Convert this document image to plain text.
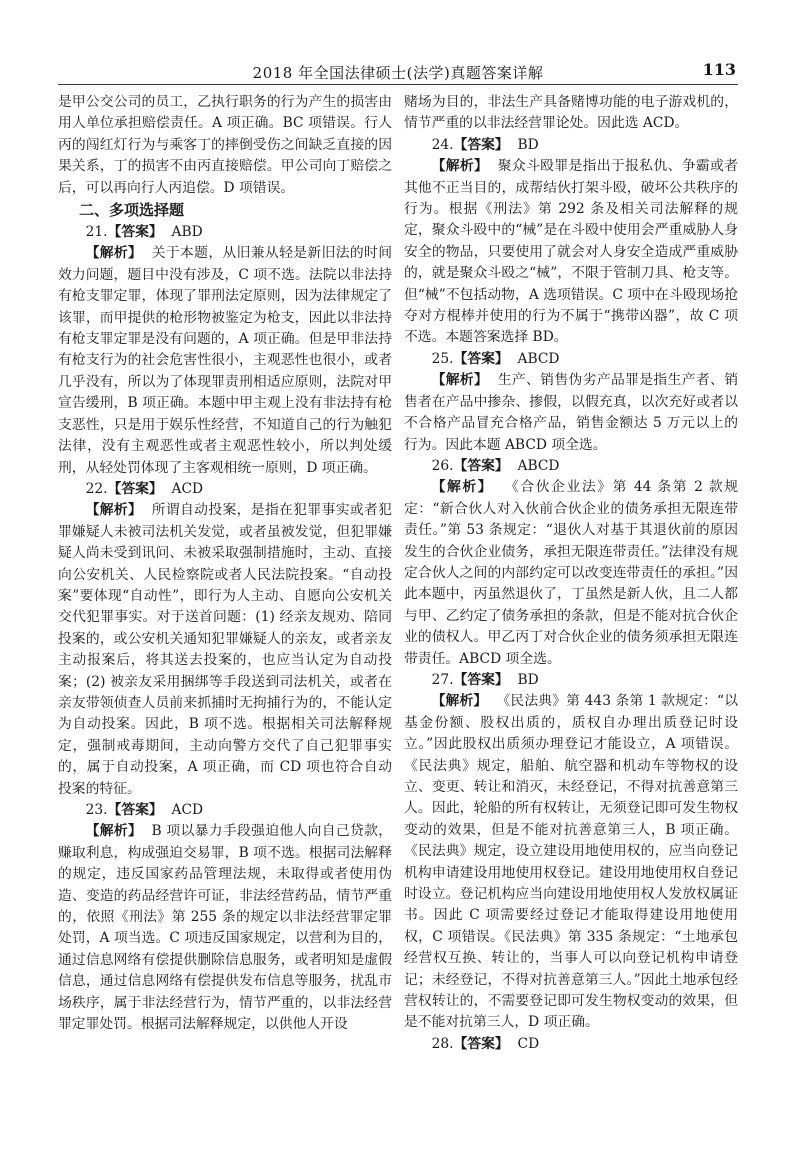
2018 年全国法律硕士(法学)真题答案详解	113

是甲公交公司的员工，乙执行职务的行为产生的损害由用人单位承担赔偿责任。A 项正确。BC 项错误。行人丙的闯红灯行为与乘客丁的摔倒受伤之间缺乏直接的因果关系，丁的损害不由丙直接赔偿。甲公司向丁赔偿之后，可以再向行人丙追偿。D 项错误。

二、多项选择题

21.【答案】 ABD

【解析】 关于本题，从旧兼从轻是新旧法的时间效力问题，题目中没有涉及，C 项不选。法院以非法持有枪支罪定罪，体现了罪刑法定原则，因为法律规定了该罪，而甲提供的枪形物被鉴定为枪支，因此以非法持有枪支罪定罪是没有问题的，A 项正确。但是甲非法持有枪支行为的社会危害性很小，主观恶性也很小，或者几乎没有，所以为了体现罪责刑相适应原则，法院对甲宣告缓刑，B 项正确。本题中甲主观上没有非法持有枪支恶性，只是用于娱乐性经营，不知道自己的行为触犯法律，没有主观恶性或者主观恶性较小，所以判处缓刑，从轻处罚体现了主客观相统一原则，D 项正确。

22.【答案】 ACD

【解析】 所谓自动投案，是指在犯罪事实或者犯罪嫌疑人未被司法机关发觉，或者虽被发觉，但犯罪嫌疑人尚未受到讯问、未被采取强制措施时，主动、直接向公安机关、人民检察院或者人民法院投案。“自动投案”要体现“自动性”，即行为人主动、自愿向公安机关交代犯罪事实。对于送首问题：(1) 经亲友规劝、陪同投案的，或公安机关通知犯罪嫌疑人的亲友，或者亲友主动报案后，将其送去投案的，也应当认定为自动投案；(2) 被亲友采用捆绑等手段送到司法机关，或者在亲友带领侦查人员前来抓捕时无拘捕行为的，不能认定为自动投案。因此，B 项不选。根据相关司法解释规定，强制戒毒期间，主动向警方交代了自己犯罪事实的，属于自动投案，A 项正确，而 CD 项也符合自动投案的特征。

23.【答案】 ACD

【解析】 B 项以暴力手段强迫他人向自己贷款，赚取利息，构成强迫交易罪，B 项不选。根据司法解释的规定，违反国家药品管理法规，未取得或者使用伪造、变造的药品经营许可证，非法经营药品，情节严重的，依照《刑法》第 255 条的规定以非法经营罪定罪处罚，A 项当选。C 项违反国家规定，以营利为目的，通过信息网络有偿提供删除信息服务，或者明知是虚假信息，通过信息网络有偿提供发布信息等服务，扰乱市场秩序，属于非法经营行为，情节严重的，以非法经营罪定罪处罚。根据司法解释规定，以供他人开设

赌场为目的，非法生产具备赌博功能的电子游戏机的，情节严重的以非法经营罪论处。因此选 ACD。

24.【答案】 BD

【解析】 聚众斗殴罪是指出于报私仇、争霸或者其他不正当目的，成帮结伙打架斗殴，破坏公共秩序的行为。根据《刑法》第 292 条及相关司法解释的规定，聚众斗殴中的“械”是在斗殴中使用会严重威胁人身安全的物品，只要使用了就会对人身安全造成严重威胁的，就是聚众斗殴之“械”，不限于管制刀具、枪支等。但“械”不包括动物，A 选项错误。C 项中在斗殴现场抢夺对方棍棒并使用的行为不属于“携带凶器”，故 C 项不选。本题答案选择 BD。

25.【答案】 ABCD

【解析】 生产、销售伪劣产品罪是指生产者、销售者在产品中掺杂、掺假，以假充真，以次充好或者以不合格产品冒充合格产品，销售金额达 5 万元以上的行为。因此本题 ABCD 项全选。

26.【答案】 ABCD

【解析】 《合伙企业法》第 44 条第 2 款规定：“新合伙人对入伙前合伙企业的债务承担无限连带责任。”第 53 条规定：“退伙人对基于其退伙前的原因发生的合伙企业债务，承担无限连带责任。”法律没有规定合伙人之间的内部约定可以改变连带责任的承担。”因此本题中，丙虽然退伙了，丁虽然是新人伙，且二人都与甲、乙约定了债务承担的条款，但是不能对抗合伙企业的债权人。甲乙丙丁对合伙企业的债务须承担无限连带责任。ABCD 项全选。

27.【答案】 BD

【解析】 《民法典》第 443 条第 1 款规定：“以基金份额、股权出质的，质权自办理出质登记时设立。”因此股权出质须办理登记才能设立，A 项错误。《民法典》规定，船舶、航空器和机动车等物权的设立、变更、转让和消灭，未经登记，不得对抗善意第三人。因此，轮船的所有权转让，无须登记即可发生物权变动的效果，但是不能对抗善意第三人，B 项正确。《民法典》规定，设立建设用地使用权的，应当向登记机构申请建设用地使用权登记。建设用地使用权自登记时设立。登记机构应当向建设用地使用权人发放权属证书。因此 C 项需要经过登记才能取得建设用地使用权，C 项错误。《民法典》第 335 条规定：“土地承包经营权互换、转让的，当事人可以向登记机构申请登记；未经登记，不得对抗善意第三人。”因此土地承包经营权转让的，不需要登记即可发生物权变动的效果，但是不能对抗第三人，D 项正确。

28.【答案】 CD
